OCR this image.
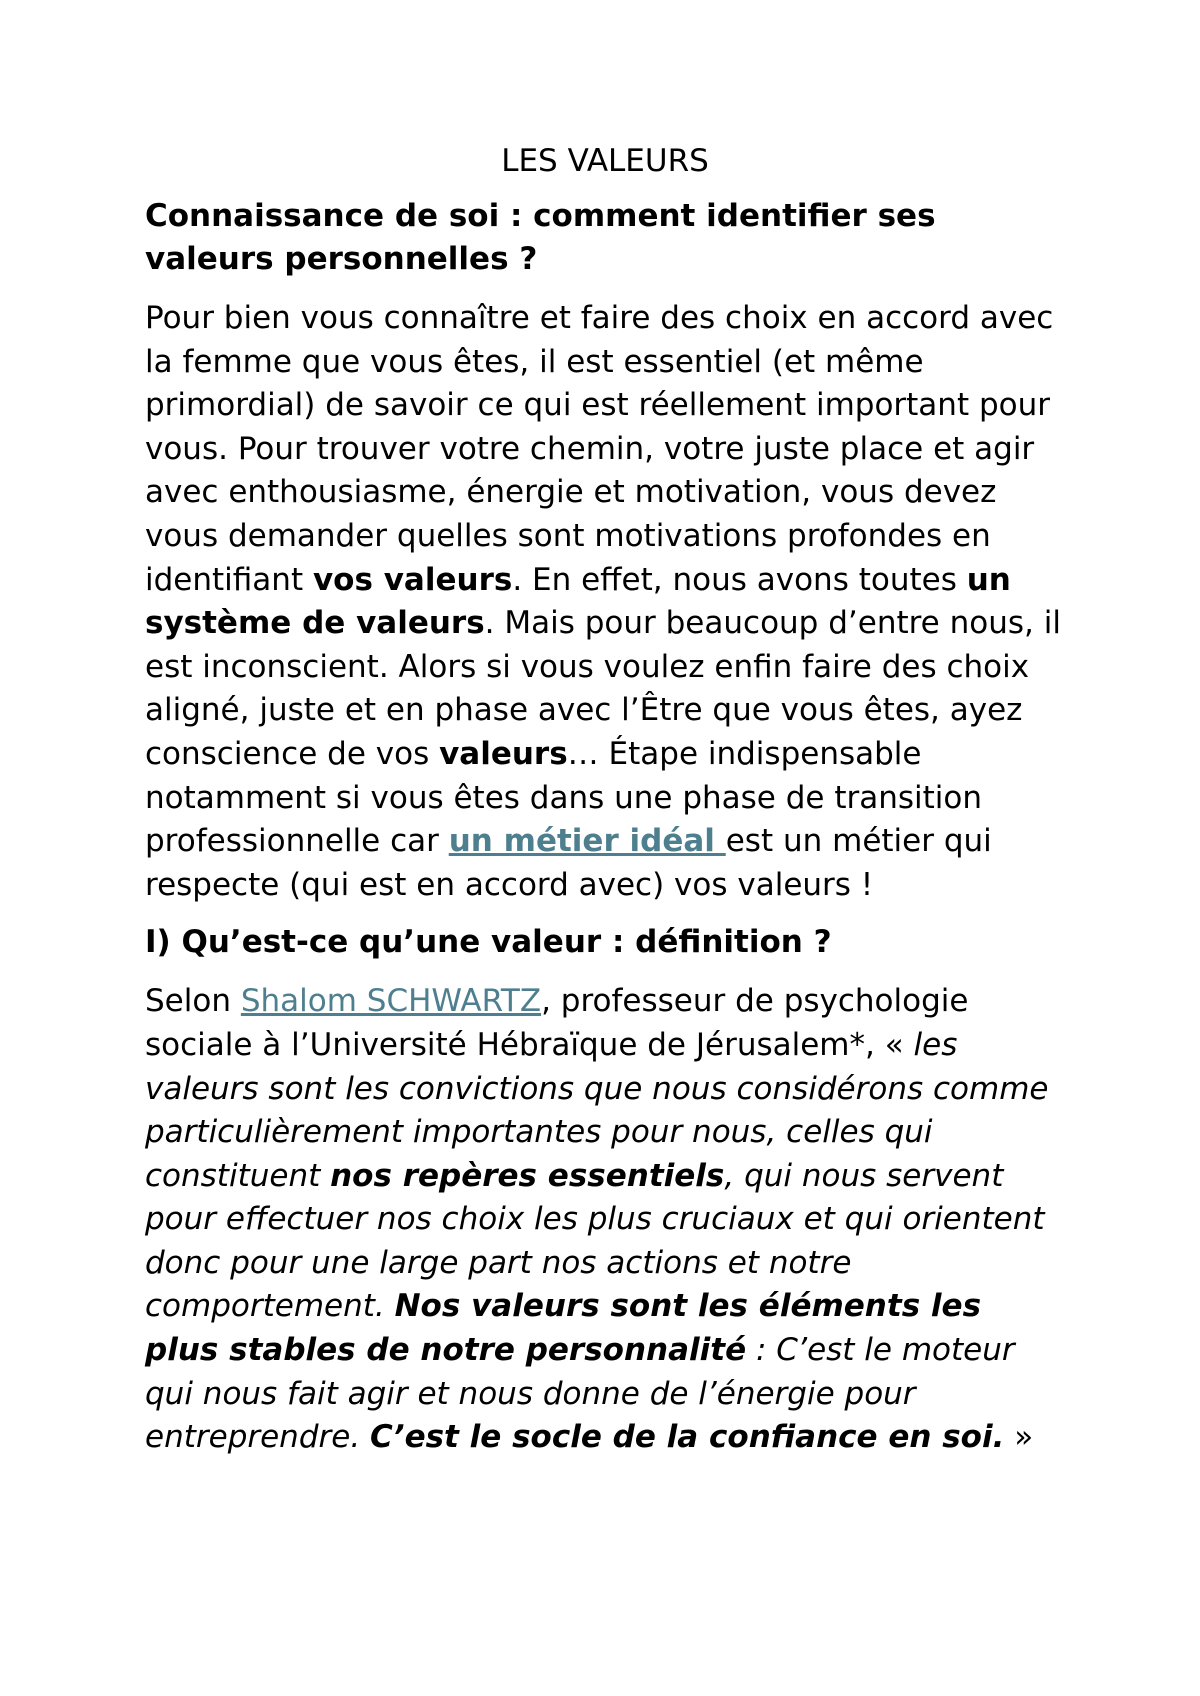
LES VALEURS
Connaissance de soi : comment identifier ses valeurs personnelles ?

Pour bien vous connaître et faire des choix en accord avec la femme que vous êtes, il est essentiel (et même primordial) de savoir ce qui est réellement important pour vous. Pour trouver votre chemin, votre juste place et agir avec enthousiasme, énergie et motivation, vous devez vous demander quelles sont motivations profondes en identifiant vos valeurs. En effet, nous avons toutes un système de valeurs. Mais pour beaucoup d’entre nous, il est inconscient. Alors si vous voulez enfin faire des choix aligné, juste et en phase avec l’Être que vous êtes, ayez conscience de vos valeurs… Étape indispensable notamment si vous êtes dans une phase de transition professionnelle car un métier idéal est un métier qui respecte (qui est en accord avec) vos valeurs !

I) Qu’est-ce qu’une valeur : définition ?

Selon Shalom SCHWARTZ, professeur de psychologie sociale à l’Université Hébraïque de Jérusalem*, « les valeurs sont les convictions que nous considérons comme particulièrement importantes pour nous, celles qui constituent nos repères essentiels, qui nous servent pour effectuer nos choix les plus cruciaux et qui orientent donc pour une large part nos actions et notre comportement. Nos valeurs sont les éléments les plus stables de notre personnalité : C’est le moteur qui nous fait agir et nous donne de l’énergie pour entreprendre. C’est le socle de la confiance en soi. »
